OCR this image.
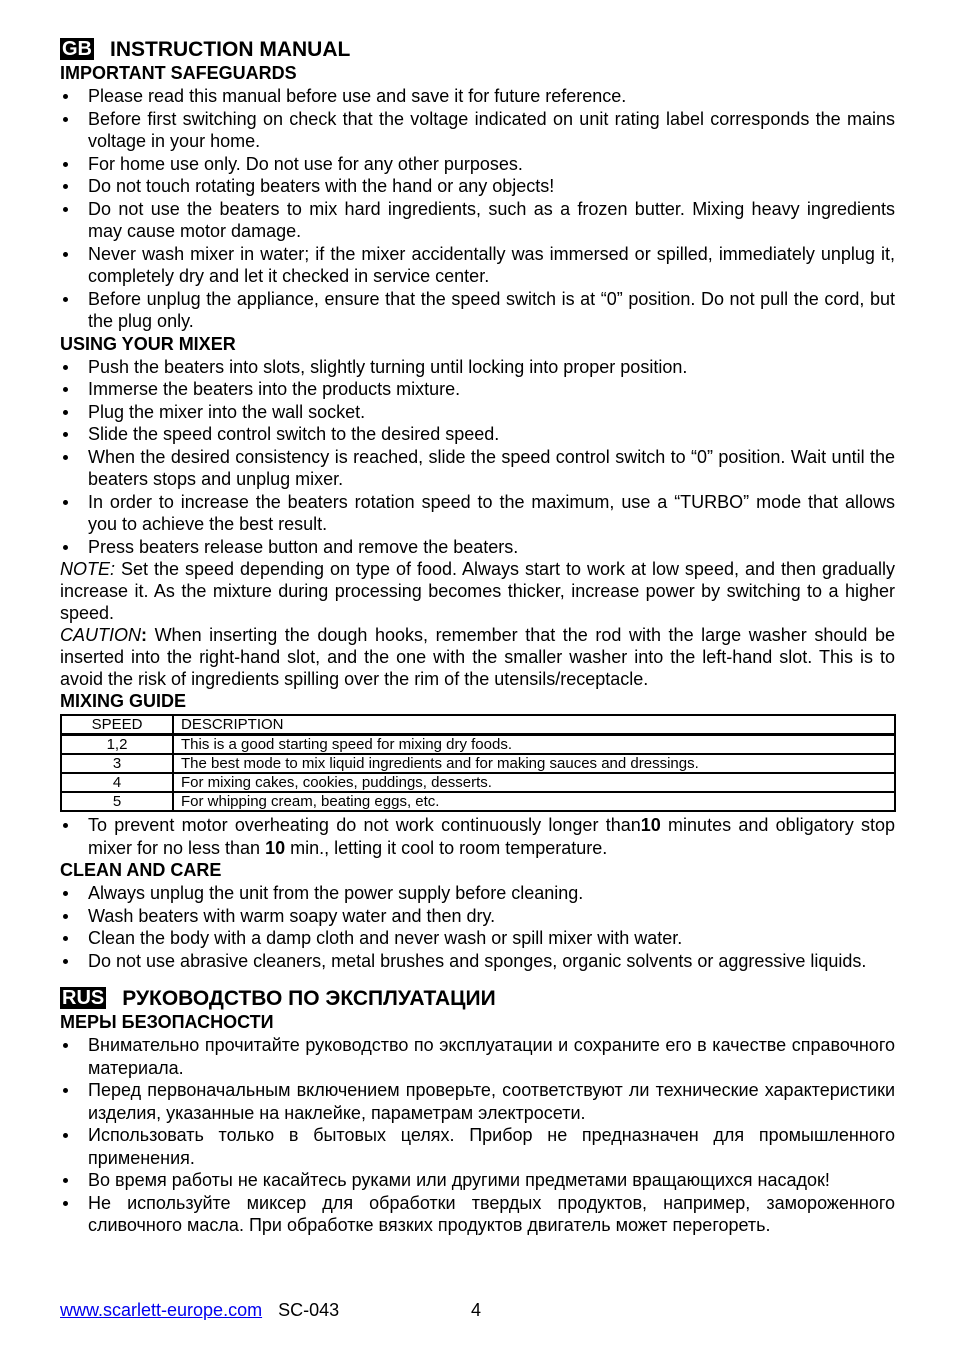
GB INSTRUCTION MANUAL
IMPORTANT SAFEGUARDS
Please read this manual before use and save it for future reference.
Before first switching on check that the voltage indicated on unit rating label corresponds the mains voltage in your home.
For home use only. Do not use for any other purposes.
Do not touch rotating beaters with the hand or any objects!
Do not use the beaters to mix hard ingredients, such as a frozen butter. Mixing heavy ingredients may cause motor damage.
Never wash mixer in water; if the mixer accidentally was immersed or spilled, immediately unplug it, completely dry and let it checked in service center.
Before unplug the appliance, ensure that the speed switch is at “0” position. Do not pull the cord, but the plug only.
USING YOUR MIXER
Push the beaters into slots, slightly turning until locking into proper position.
Immerse the beaters into the products mixture.
Plug the mixer into the wall socket.
Slide the speed control switch to the desired speed.
When the desired consistency is reached, slide the speed control switch to “0” position. Wait until the beaters stops and unplug mixer.
In order to increase the beaters rotation speed to the maximum, use a “TURBO” mode that allows you to achieve the best result.
Press beaters release button and remove the beaters.

NOTE: Set the speed depending on type of food. Always start to work at low speed, and then gradually increase it. As the mixture during processing becomes thicker, increase power by switching to a higher speed.

CAUTION: When inserting the dough hooks, remember that the rod with the large washer should be inserted into the right-hand slot, and the one with the smaller washer into the left-hand slot. This is to avoid the risk of ingredients spilling over the rim of the utensils/receptacle.

MIXING GUIDE
SPEED	DESCRIPTION
1,2	This is a good starting speed for mixing dry foods.
3	The best mode to mix liquid ingredients and for making sauces and dressings.
4	For mixing cakes, cookies, puddings, desserts.
5	For whipping cream, beating eggs, etc.
To prevent motor overheating do not work continuously longer than10 minutes and obligatory stop mixer for no less than 10 min., letting it cool to room temperature.
CLEAN AND CARE
Always unplug the unit from the power supply before cleaning.
Wash beaters with warm soapy water and then dry.
Clean the body with a damp cloth and never wash or spill mixer with water.
Do not use abrasive cleaners, metal brushes and sponges, organic solvents or aggressive liquids.
RUS РУКОВОДСТВО ПО ЭКСПЛУАТАЦИИ
МЕРЫ БЕЗОПАСНОСТИ
Внимательно прочитайте руководство по эксплуатации и сохраните его в качестве справочного материала.
Перед первоначальным включением проверьте, соответствуют ли технические характеристики изделия, указанные на наклейке, параметрам электросети.
Использовать только в бытовых целях. Прибор не предназначен для промышленного применения.
Во время работы не касайтесь руками или другими предметами вращающихся насадок!
Не используйте миксер для обработки твердых продуктов, например, замороженного сливочного масла. При обработке вязких продуктов двигатель может перегореть.
www.scarlett-europe.com SC-043	4
